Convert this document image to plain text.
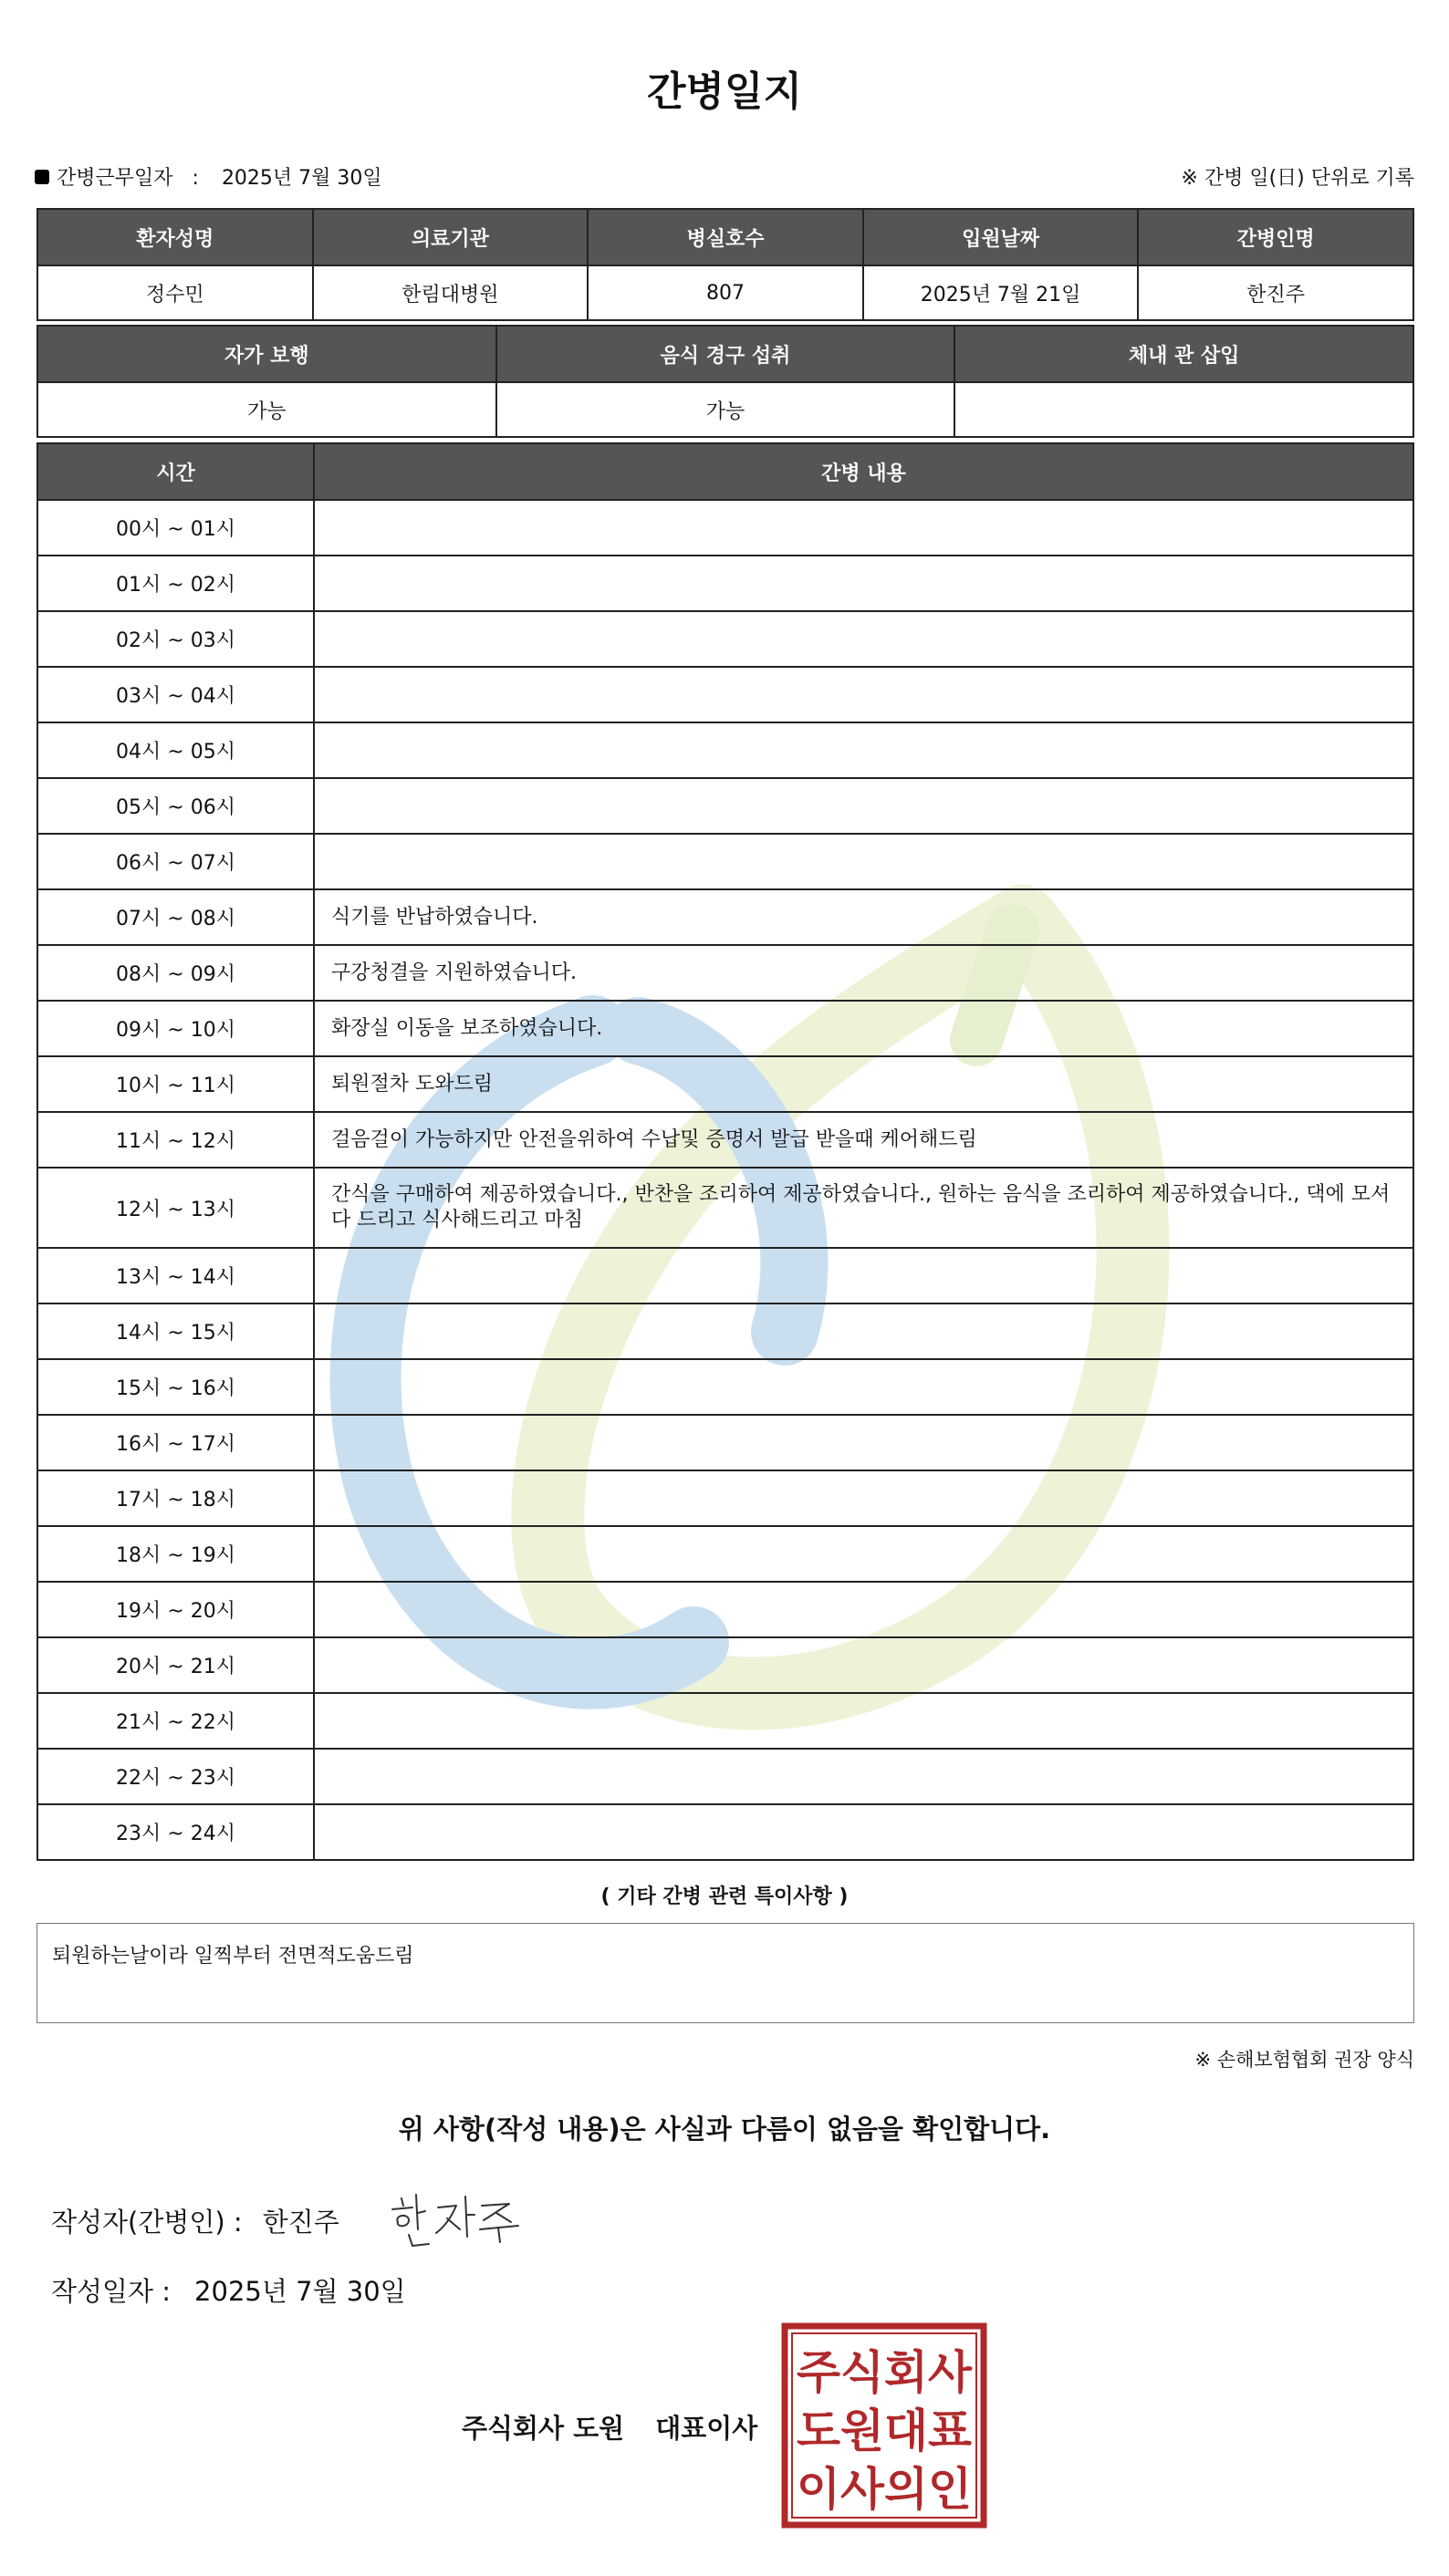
간병일지
간병근무일자 : 2025년 7월 30일	※ 간병 일(日) 단위로 기록
환자성명	의료기관	병실호수	입원날짜	간병인명
정수민	한림대병원	807	2025년 7월 21일	한진주
자가 보행	음식 경구 섭취	체내 관 삽입
가능	가능	
시간	간병 내용
00시 ~ 01시	
01시 ~ 02시	
02시 ~ 03시	
03시 ~ 04시	
04시 ~ 05시	
05시 ~ 06시	
06시 ~ 07시	
07시 ~ 08시	식기를 반납하였습니다.
08시 ~ 09시	구강청결을 지원하였습니다.
09시 ~ 10시	화장실 이동을 보조하였습니다.
10시 ~ 11시	퇴원절차 도와드림
11시 ~ 12시	걸음걸이 가능하지만 안전을위하여 수납및 증명서 발급 받을때 케어해드림
12시 ~ 13시	간식을 구매하여 제공하였습니다., 반찬을 조리하여 제공하였습니다., 원하는 음식을 조리하여 제공하였습니다., 댁에 모셔다 드리고 식사해드리고 마침
13시 ~ 14시	
14시 ~ 15시	
15시 ~ 16시	
16시 ~ 17시	
17시 ~ 18시	
18시 ~ 19시	
19시 ~ 20시	
20시 ~ 21시	
21시 ~ 22시	
22시 ~ 23시	
23시 ~ 24시	
( 기타 간병 관련 특이사항 )
퇴원하는날이라 일찍부터 전면적도움드림
※ 손해보험협회 권장 양식
위 사항(작성 내용)은 사실과 다름이 없음을 확인합니다.
작성자(간병인) : 한진주
작성일자 : 2025년 7월 30일
주식회사 도원 대표이사
주식회사
도원대표
이사의인
